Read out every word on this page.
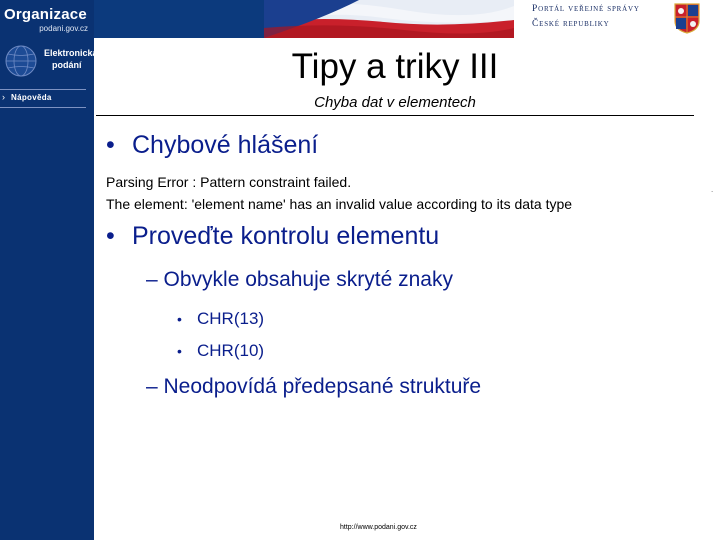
Organizace
podani.gov.cz
Portál veřejné správy
České republiky
Elektronická
podání
› Nápověda
Tipy a triky III
Chyba dat v elementech
• Chybové hlášení
Parsing Error : Pattern constraint failed.
The element: 'element name' has an invalid value according to its data type
.
• Proveďte kontrolu elementu
– Obvykle obsahuje skryté znaky
• CHR(13)
• CHR(10)
– Neodpovídá předepsané struktuře
http://www.podani.gov.cz
